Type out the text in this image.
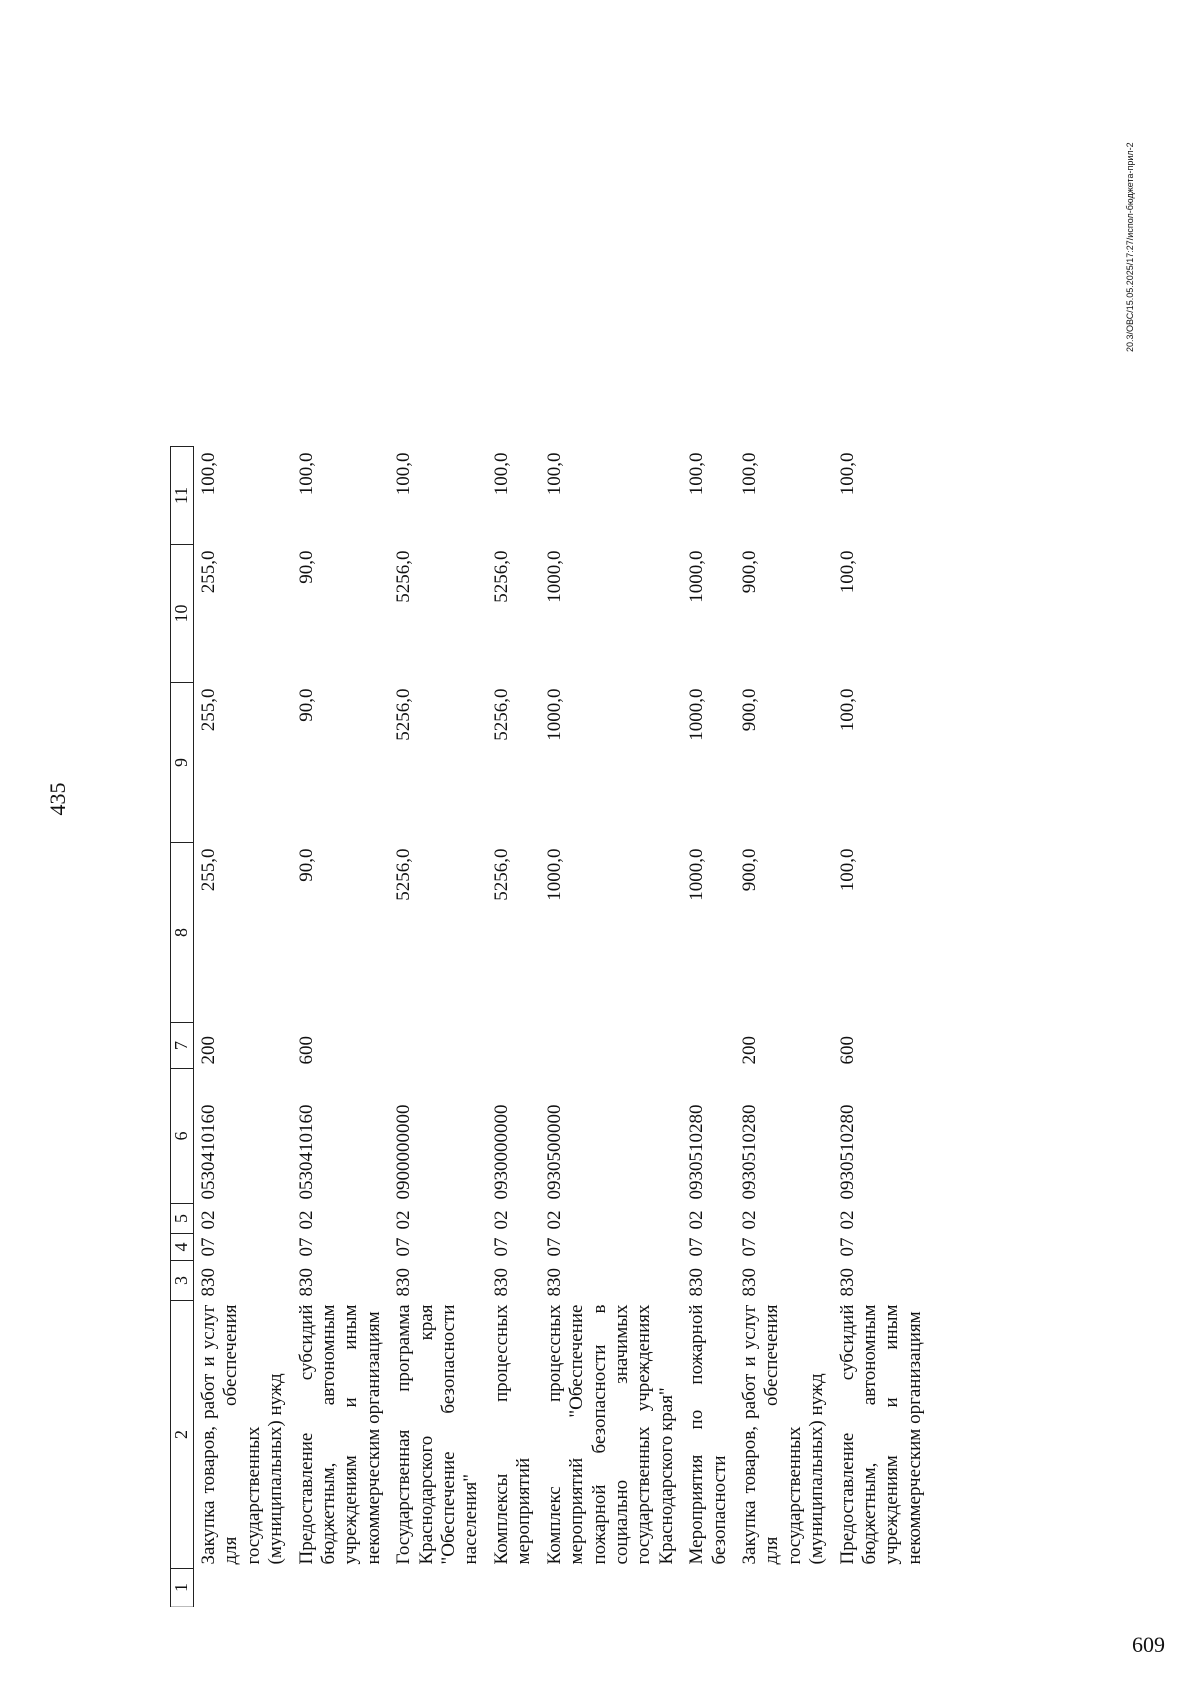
435
1	2	3	4	5	6	7	8	9	10	11
	Закупка товаров, работ и услуг для обеспечения государственных (муниципальных) нужд	830	07	02	0530410160	200	255,0	255,0	255,0	100,0
	Предоставление субсидий бюджетным, автономным учреждениям и иным некоммерческим организациям	830	07	02	0530410160	600	90,0	90,0	90,0	100,0
	Государственная программа Краснодарского края "Обеспечение безопасности населения"	830	07	02	0900000000		5256,0	5256,0	5256,0	100,0
	Комплексы процессных мероприятий	830	07	02	0930000000		5256,0	5256,0	5256,0	100,0
	Комплекс процессных мероприятий "Обеспечение пожарной безопасности в социально значимых государственных учреждениях Краснодарского края"	830	07	02	0930500000		1000,0	1000,0	1000,0	100,0
	Мероприятия по пожарной безопасности	830	07	02	0930510280		1000,0	1000,0	1000,0	100,0
	Закупка товаров, работ и услуг для обеспечения государственных (муниципальных) нужд	830	07	02	0930510280	200	900,0	900,0	900,0	100,0
	Предоставление субсидий бюджетным, автономным учреждениям и иным некоммерческим организациям	830	07	02	0930510280	600	100,0	100,0	100,0	100,0
20.3/ОВС/15.05.2025/17:27/испол-бюджета-прил-2
609
